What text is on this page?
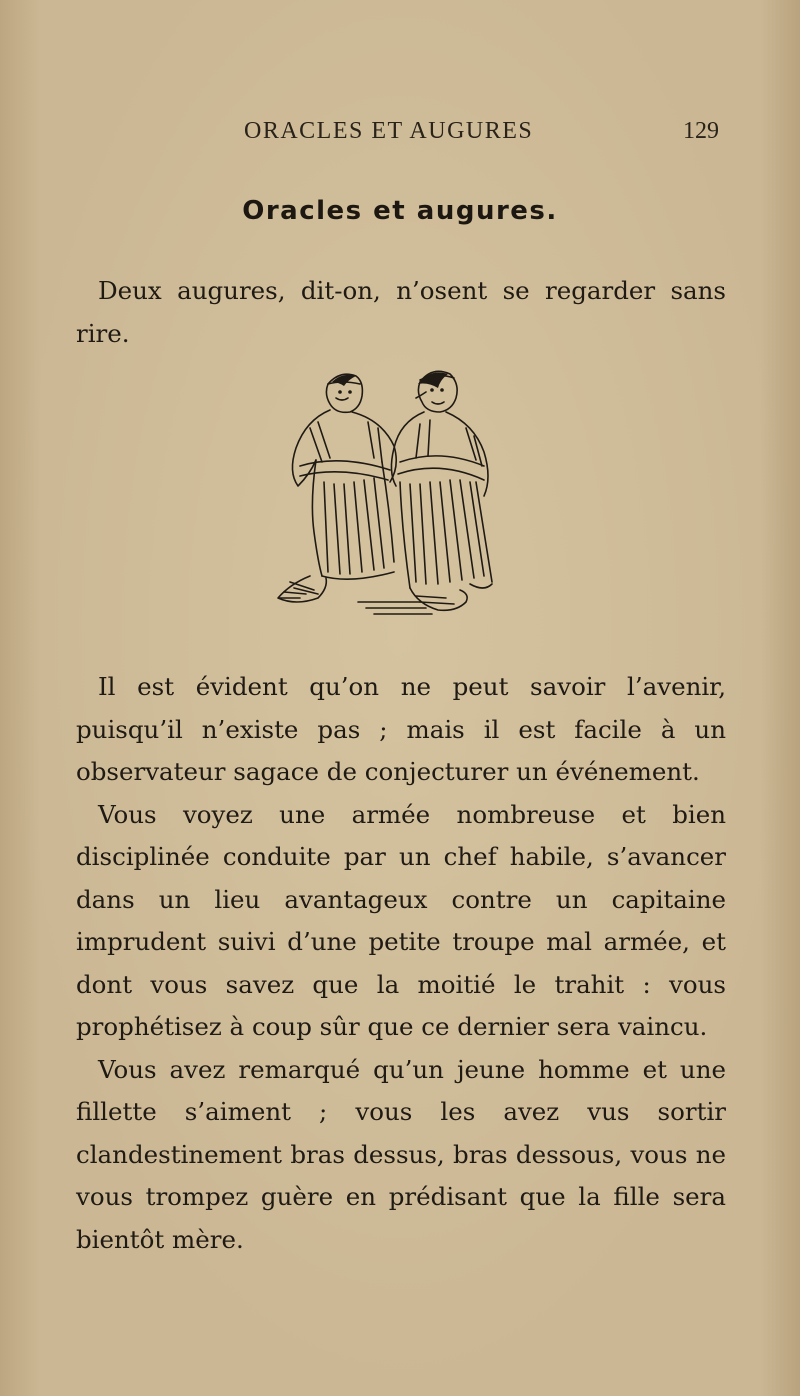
ORACLES ET AUGURES	129
Oracles et augures.

Deux augures, dit-on, n’osent se regarder sans rire.

Il est évident qu’on ne peut savoir l’avenir, puisqu’il n’existe pas ; mais il est facile à un observateur sagace de conjecturer un événement.

Vous voyez une armée nombreuse et bien disciplinée conduite par un chef habile, s’avancer dans un lieu avantageux contre un capitaine imprudent suivi d’une petite troupe mal armée, et dont vous savez que la moitié le trahit : vous prophétisez à coup sûr que ce dernier sera vaincu.

Vous avez remarqué qu’un jeune homme et une fillette s’aiment ; vous les avez vus sortir clandestinement bras dessus, bras dessous, vous ne vous trompez guère en prédisant que la fille sera bientôt mère.
